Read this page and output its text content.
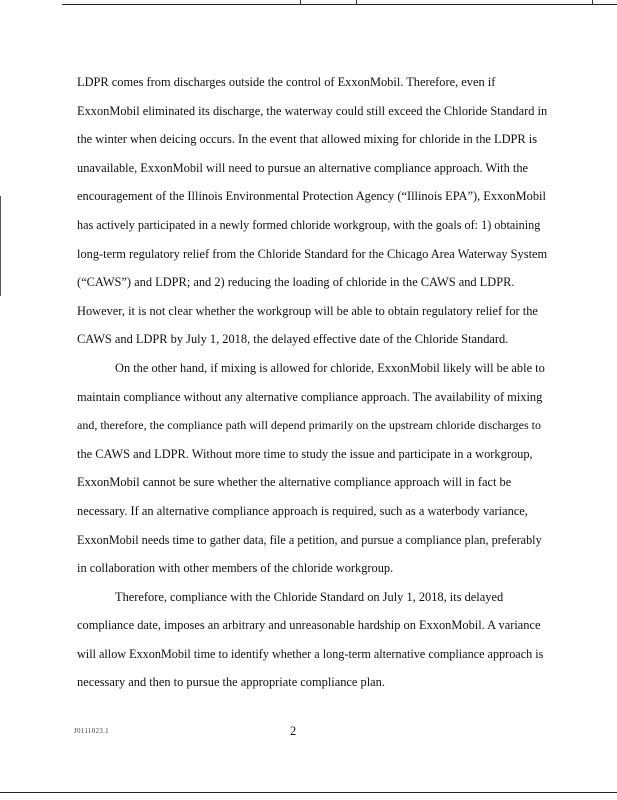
LDPR comes from discharges outside the control of ExxonMobil. Therefore, even if

ExxonMobil eliminated its discharge, the waterway could still exceed the Chloride Standard in

the winter when deicing occurs. In the event that allowed mixing for chloride in the LDPR is

unavailable, ExxonMobil will need to pursue an alternative compliance approach. With the

encouragement of the Illinois Environmental Protection Agency (“Illinois EPA”), ExxonMobil

has actively participated in a newly formed chloride workgroup, with the goals of: 1) obtaining

long-term regulatory relief from the Chloride Standard for the Chicago Area Waterway System

(“CAWS”) and LDPR; and 2) reducing the loading of chloride in the CAWS and LDPR.

However, it is not clear whether the workgroup will be able to obtain regulatory relief for the

CAWS and LDPR by July 1, 2018, the delayed effective date of the Chloride Standard.

On the other hand, if mixing is allowed for chloride, ExxonMobil likely will be able to

maintain compliance without any alternative compliance approach. The availability of mixing

and, therefore, the compliance path will depend primarily on the upstream chloride discharges to

the CAWS and LDPR. Without more time to study the issue and participate in a workgroup,

ExxonMobil cannot be sure whether the alternative compliance approach will in fact be

necessary. If an alternative compliance approach is required, such as a waterbody variance,

ExxonMobil needs time to gather data, file a petition, and pursue a compliance plan, preferably

in collaboration with other members of the chloride workgroup.

Therefore, compliance with the Chloride Standard on July 1, 2018, its delayed

compliance date, imposes an arbitrary and unreasonable hardship on ExxonMobil. A variance

will allow ExxonMobil time to identify whether a long-term alternative compliance approach is

necessary and then to pursue the appropriate compliance plan.

J0111023.1	2
